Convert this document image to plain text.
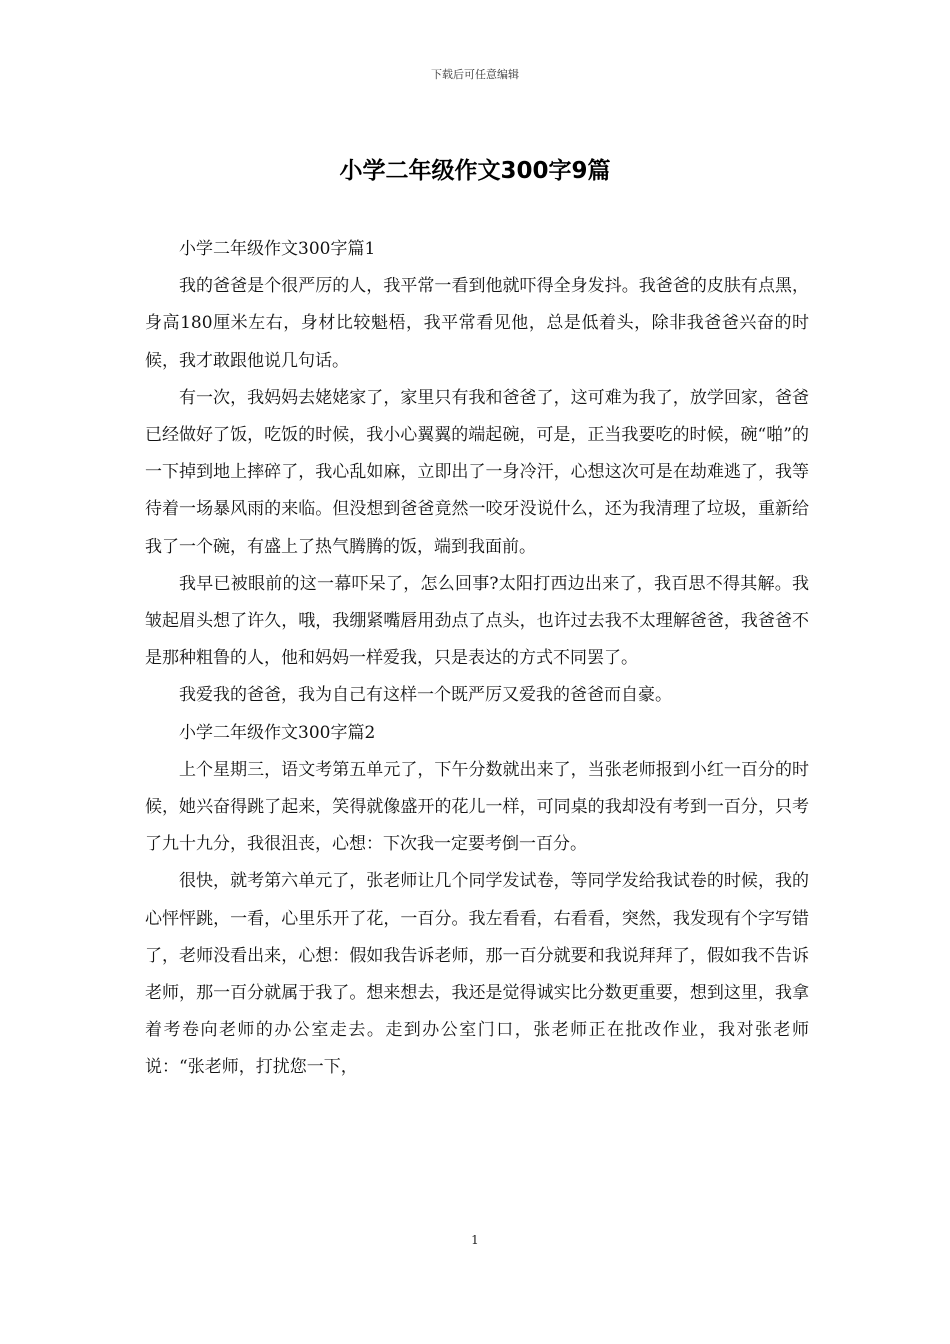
下载后可任意编辑
小学二年级作文300字9篇

小学二年级作文300字篇1

我的爸爸是个很严厉的人，我平常一看到他就吓得全身发抖。我爸爸的皮肤有点黑，身高180厘米左右，身材比较魁梧，我平常看见他，总是低着头，除非我爸爸兴奋的时候，我才敢跟他说几句话。

有一次，我妈妈去姥姥家了，家里只有我和爸爸了，这可难为我了，放学回家，爸爸已经做好了饭，吃饭的时候，我小心翼翼的端起碗，可是，正当我要吃的时候，碗“啪”的一下掉到地上摔碎了，我心乱如麻，立即出了一身冷汗，心想这次可是在劫难逃了，我等待着一场暴风雨的来临。但没想到爸爸竟然一咬牙没说什么，还为我清理了垃圾，重新给我了一个碗，有盛上了热气腾腾的饭，端到我面前。

我早已被眼前的这一幕吓呆了，怎么回事?太阳打西边出来了，我百思不得其解。我皱起眉头想了许久，哦，我绷紧嘴唇用劲点了点头，也许过去我不太理解爸爸，我爸爸不是那种粗鲁的人，他和妈妈一样爱我，只是表达的方式不同罢了。

我爱我的爸爸，我为自己有这样一个既严厉又爱我的爸爸而自豪。

小学二年级作文300字篇2

上个星期三，语文考第五单元了，下午分数就出来了，当张老师报到小红一百分的时候，她兴奋得跳了起来，笑得就像盛开的花儿一样，可同桌的我却没有考到一百分，只考了九十九分，我很沮丧，心想：下次我一定要考倒一百分。

很快，就考第六单元了，张老师让几个同学发试卷，等同学发给我试卷的时候，我的心怦怦跳，一看，心里乐开了花，一百分。我左看看，右看看，突然，我发现有个字写错了，老师没看出来，心想：假如我告诉老师，那一百分就要和我说拜拜了，假如我不告诉老师，那一百分就属于我了。想来想去，我还是觉得诚实比分数更重要，想到这里，我拿着考卷向老师的办公室走去。走到办公室门口，张老师正在批改作业，我对张老师说：“张老师，打扰您一下，

1
